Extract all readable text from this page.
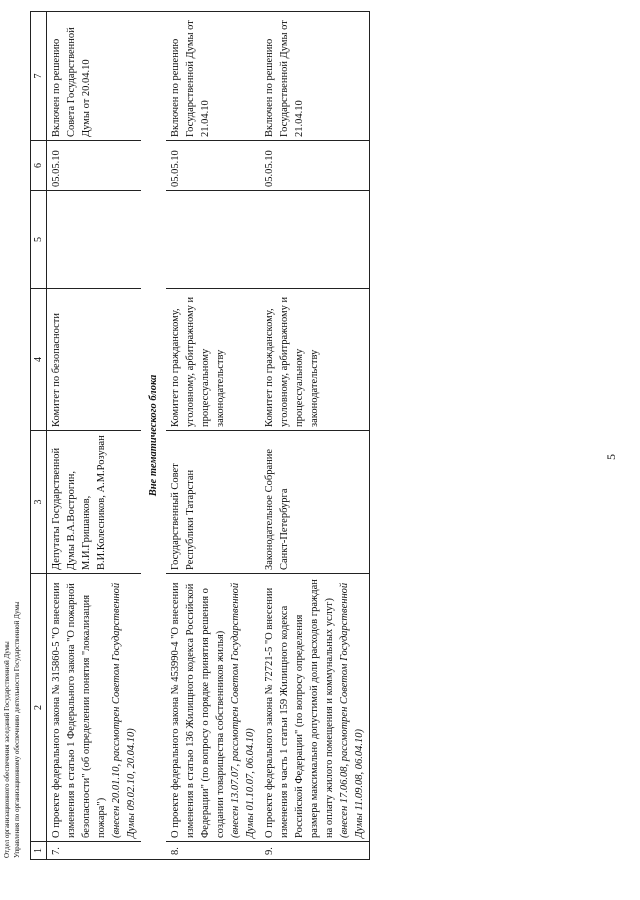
5
1	2	3	4	5	6	7
7.	О проекте федерального закона № 315860-5 "О внесении изменения в статью 1 Федерального закона "О пожарной безопасности" (об определении понятия "локализация пожара") (внесен 20.01.10, рассмотрен Советом Государственной Думы 09.02.10, 20.04.10)	Депутаты Государственной Думы В.А.Вострогин, М.И.Гришанков, В.И.Колесников, А.М.Розуван	Комитет по безопасности		05.05.10	Включен по решению Совета Государственной Думы от 20.04.10
Вне тематического блока						
8.	О проекте федерального закона № 453990-4 "О внесении изменения в статью 136 Жилищного кодекса Российской Федерации" (по вопросу о порядке принятия решения о создании товарищества собственников жилья) (внесен 13.07.07, рассмотрен Советом Государственной Думы 01.10.07, 06.04.10)	Государственный Совет Республики Татарстан	Комитет по гражданскому, уголовному, арбитражному и процессуальному законодательству		05.05.10	Включен по решению Государственной Думы от 21.04.10
9.	О проекте федерального закона № 72721-5 "О внесении изменения в часть 1 статьи 159 Жилищного кодекса Российской Федерации" (по вопросу определения размера максимально допустимой доли расходов граждан на оплату жилого помещения и коммунальных услуг) (внесен 17.06.08, рассмотрен Советом Государственной Думы 11.09.08, 06.04.10)	Законодательное Собрание Санкт-Петербурга	Комитет по гражданскому, уголовному, арбитражному и процессуальному законодательству		05.05.10	Включен по решению Государственной Думы от 21.04.10
Отдел организационного обеспечения заседаний Государственной Думы Управления по организационному обеспечению деятельности Государственной Думы
